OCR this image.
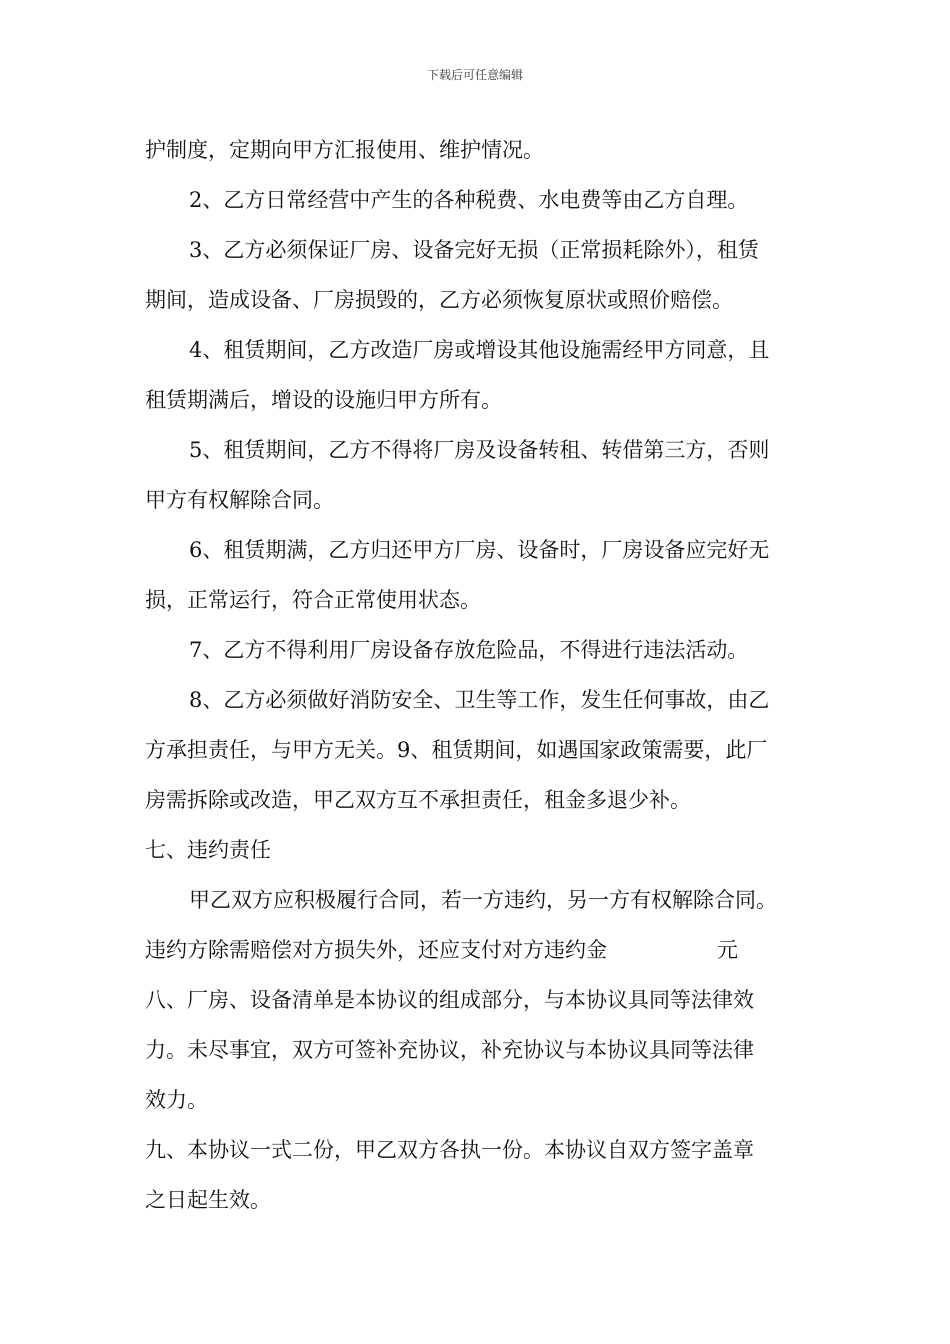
下载后可任意编辑
护制度，定期向甲方汇报使用、维护情况。
2、乙方日常经营中产生的各种税费、水电费等由乙方自理。
3、乙方必须保证厂房、设备完好无损（正常损耗除外），租赁
期间，造成设备、厂房损毁的，乙方必须恢复原状或照价赔偿。
4、租赁期间，乙方改造厂房或增设其他设施需经甲方同意，且
租赁期满后，增设的设施归甲方所有。
5、租赁期间，乙方不得将厂房及设备转租、转借第三方，否则
甲方有权解除合同。
6、租赁期满，乙方归还甲方厂房、设备时，厂房设备应完好无
损，正常运行，符合正常使用状态。
7、乙方不得利用厂房设备存放危险品，不得进行违法活动。
8、乙方必须做好消防安全、卫生等工作，发生任何事故，由乙
方承担责任，与甲方无关。9、租赁期间，如遇国家政策需要，此厂
房需拆除或改造，甲乙双方互不承担责任，租金多退少补。
七、违约责任
甲乙双方应积极履行合同，若一方违约，另一方有权解除合同。
违约方除需赔偿对方损失外，还应支付对方违约金	元
八、厂房、设备清单是本协议的组成部分，与本协议具同等法律效
力。未尽事宜，双方可签补充协议，补充协议与本协议具同等法律
效力。
九、本协议一式二份，甲乙双方各执一份。本协议自双方签字盖章
之日起生效。
